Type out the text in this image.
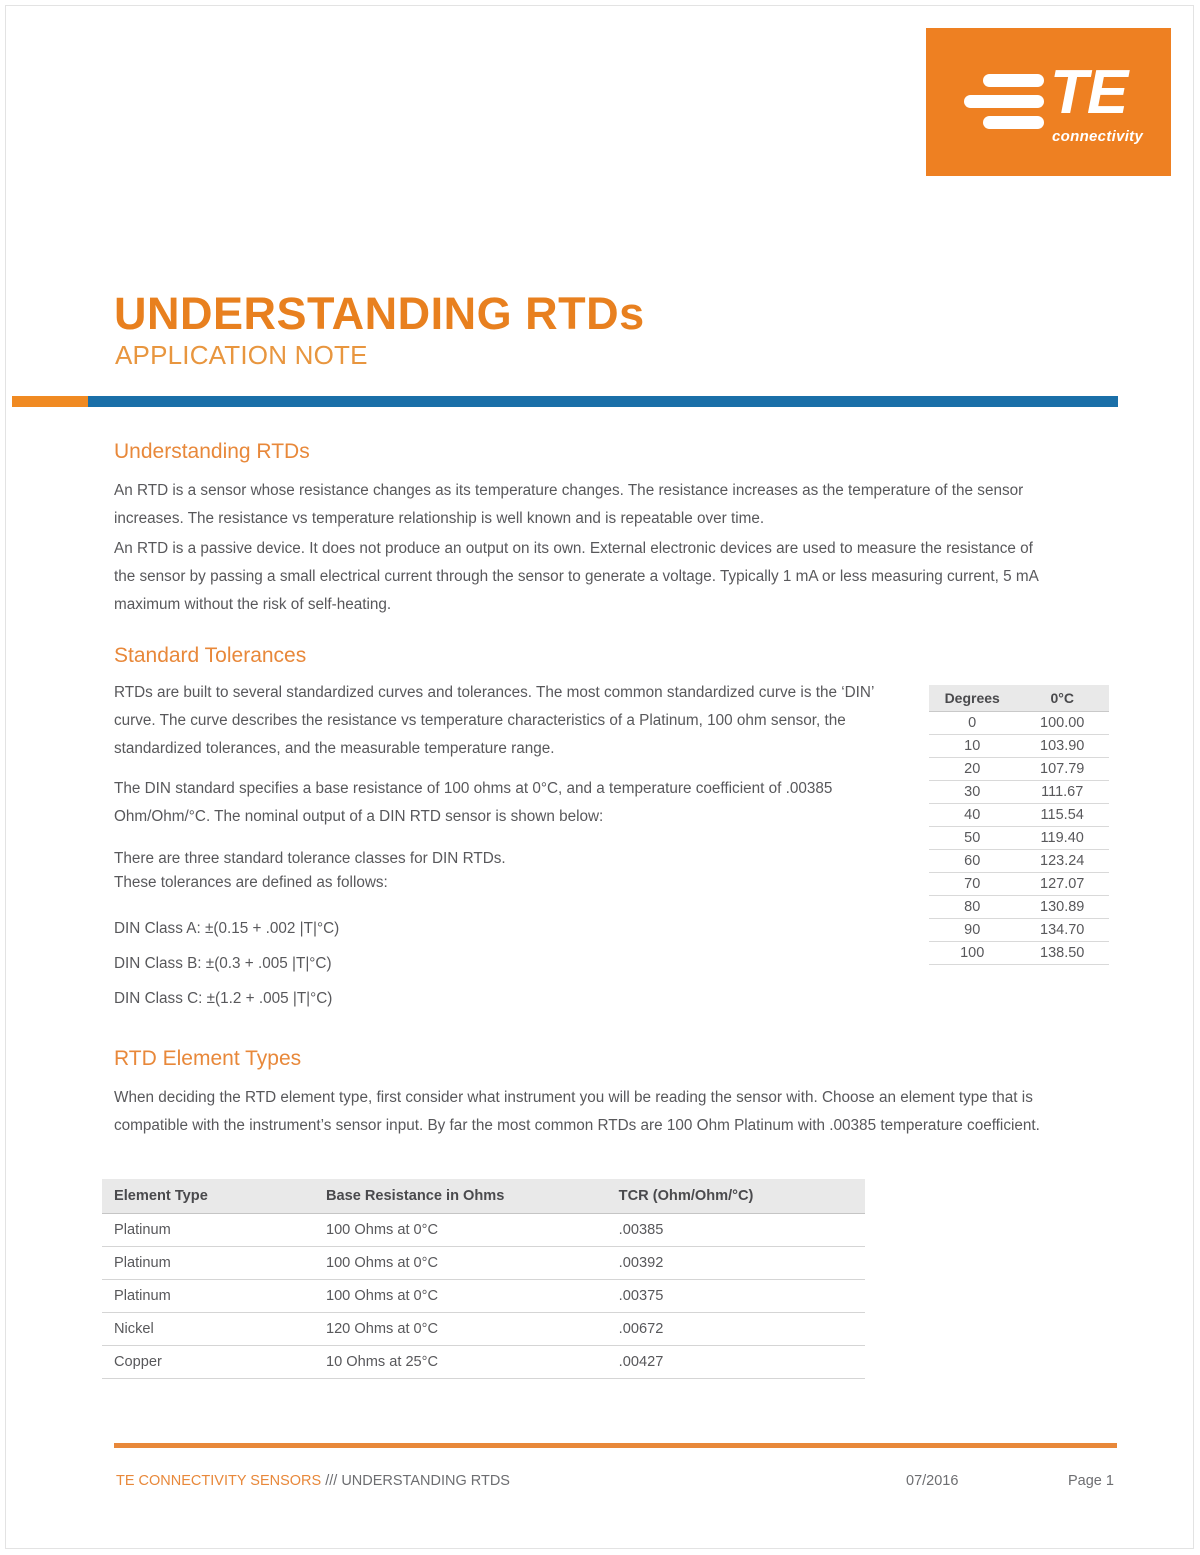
TE
connectivity
UNDERSTANDING RTDs
APPLICATION NOTE
Understanding RTDs
An RTD is a sensor whose resistance changes as its temperature changes. The resistance increases as the temperature of the sensor increases. The resistance vs temperature relationship is well known and is repeatable over time.
An RTD is a passive device. It does not produce an output on its own. External electronic devices are used to measure the resistance of the sensor by passing a small electrical current through the sensor to generate a voltage. Typically 1 mA or less measuring current, 5 mA maximum without the risk of self-heating.
Standard Tolerances
RTDs are built to several standardized curves and tolerances. The most common standardized curve is the ‘DIN’ curve. The curve describes the resistance vs temperature characteristics of a Platinum, 100 ohm sensor, the standardized tolerances, and the measurable temperature range.
The DIN standard specifies a base resistance of 100 ohms at 0°C, and a temperature coefficient of .00385 Ohm/Ohm/°C. The nominal output of a DIN RTD sensor is shown below:
There are three standard tolerance classes for DIN RTDs.
These tolerances are defined as follows:
DIN Class A: ±(0.15 + .002 |T|°C)
DIN Class B: ±(0.3 + .005 |T|°C)
DIN Class C: ±(1.2 + .005 |T|°C)
Degrees	0°C
0	100.00
10	103.90
20	107.79
30	111.67
40	115.54
50	119.40
60	123.24
70	127.07
80	130.89
90	134.70
100	138.50
RTD Element Types
When deciding the RTD element type, first consider what instrument you will be reading the sensor with. Choose an element type that is compatible with the instrument’s sensor input. By far the most common RTDs are 100 Ohm Platinum with .00385 temperature coefficient.
Element Type	Base Resistance in Ohms	TCR (Ohm/Ohm/°C)
Platinum	100 Ohms at 0°C	.00385
Platinum	100 Ohms at 0°C	.00392
Platinum	100 Ohms at 0°C	.00375
Nickel	120 Ohms at 0°C	.00672
Copper	10 Ohms at 25°C	.00427
TE CONNECTIVITY SENSORS /// UNDERSTANDING RTDS	07/2016	Page 1
